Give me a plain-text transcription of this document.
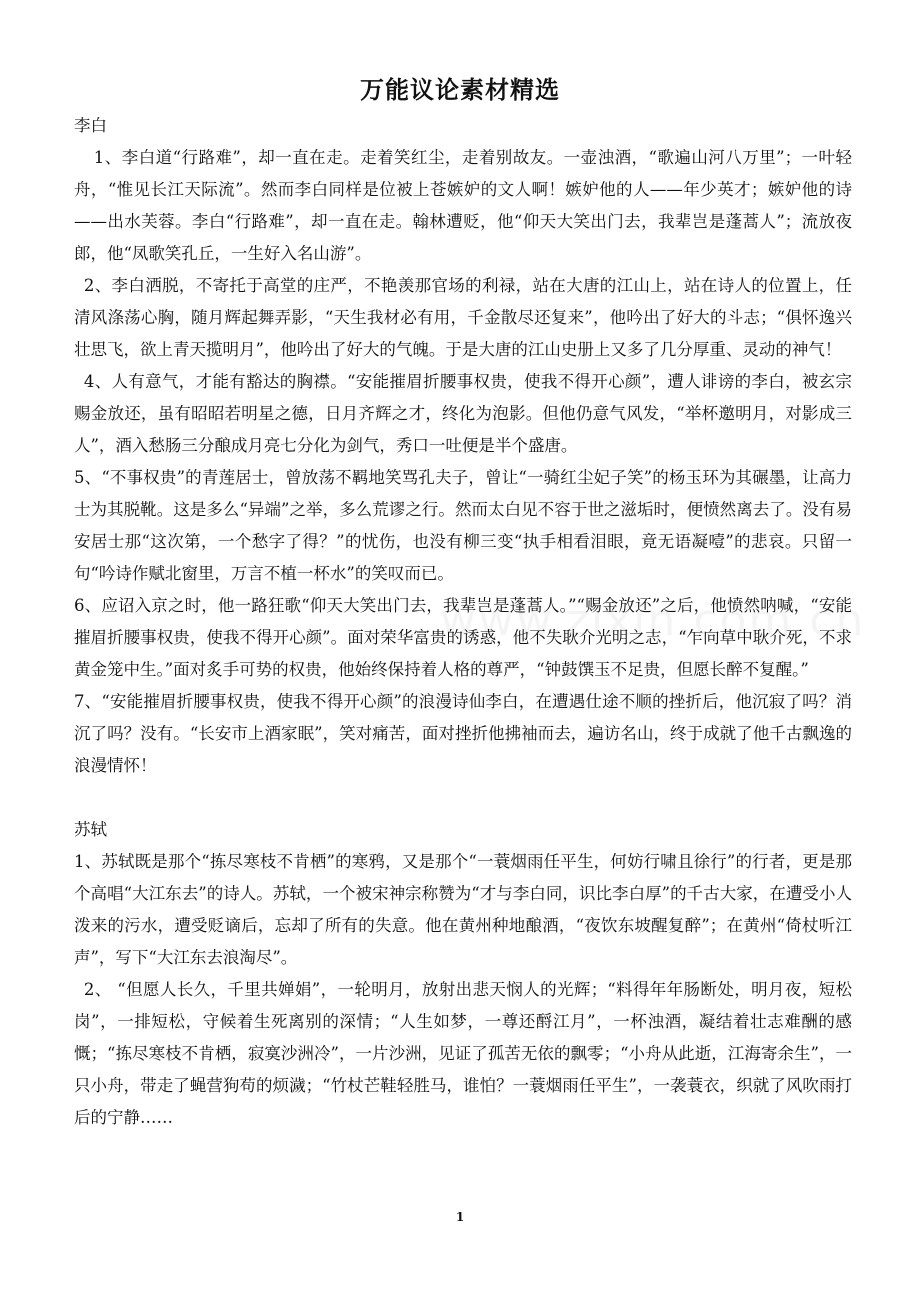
万能议论素材精选

李白

1、李白道“行路难”，却一直在走。走着笑红尘，走着别故友。一壶浊酒，“歌遍山河八万里”；一叶轻舟，“惟见长江天际流”。然而李白同样是位被上苍嫉妒的文人啊！嫉妒他的人——年少英才；嫉妒他的诗——出水芙蓉。李白“行路难”，却一直在走。翰林遭贬，他“仰天大笑出门去，我辈岂是蓬蒿人”；流放夜郎，他“凤歌笑孔丘，一生好入名山游”。

2、李白洒脱，不寄托于高堂的庄严，不艳羡那官场的利禄，站在大唐的江山上，站在诗人的位置上，任清风涤荡心胸，随月辉起舞弄影，“天生我材必有用，千金散尽还复来”，他吟出了好大的斗志；“俱怀逸兴壮思飞，欲上青天揽明月”，他吟出了好大的气魄。于是大唐的江山史册上又多了几分厚重、灵动的神气！

4、人有意气，才能有豁达的胸襟。“安能摧眉折腰事权贵，使我不得开心颜”，遭人诽谤的李白，被玄宗赐金放还，虽有昭昭若明星之德，日月齐辉之才，终化为泡影。但他仍意气风发，“举杯邀明月，对影成三人”，酒入愁肠三分酿成月亮七分化为剑气，秀口一吐便是半个盛唐。

5、“不事权贵”的青莲居士，曾放荡不羁地笑骂孔夫子，曾让“一骑红尘妃子笑”的杨玉环为其碾墨，让高力士为其脱靴。这是多么“异端”之举，多么荒谬之行。然而太白见不容于世之滋垢时，便愤然离去了。没有易安居士那“这次第，一个愁字了得？”的忧伤，也没有柳三变“执手相看泪眼，竟无语凝噎”的悲哀。只留一句“吟诗作赋北窗里，万言不植一杯水”的笑叹而已。

6、应诏入京之时，他一路狂歌“仰天大笑出门去，我辈岂是蓬蒿人。”“赐金放还”之后，他愤然呐喊，“安能摧眉折腰事权贵，使我不得开心颜”。面对荣华富贵的诱惑，他不失耿介光明之志，“乍向草中耿介死，不求黄金笼中生。”面对炙手可势的权贵，他始终保持着人格的尊严，“钟鼓馔玉不足贵，但愿长醉不复醒。”

7、“安能摧眉折腰事权贵，使我不得开心颜”的浪漫诗仙李白，在遭遇仕途不顺的挫折后，他沉寂了吗？消沉了吗？没有。“长安市上酒家眠”，笑对痛苦，面对挫折他拂袖而去，遍访名山，终于成就了他千古飘逸的浪漫情怀！

苏轼

1、苏轼既是那个“拣尽寒枝不肯栖”的寒鸦，又是那个“一蓑烟雨任平生，何妨行啸且徐行”的行者，更是那个高唱“大江东去”的诗人。苏轼，一个被宋神宗称赞为“才与李白同，识比李白厚”的千古大家，在遭受小人泼来的污水，遭受贬谪后，忘却了所有的失意。他在黄州种地酿酒，“夜饮东坡醒复醉”；在黄州“倚杖听江声”，写下“大江东去浪淘尽”。

2、 “但愿人长久，千里共婵娟”，一轮明月，放射出悲天悯人的光辉；“料得年年肠断处，明月夜，短松岗”，一排短松，守候着生死离别的深情；“人生如梦，一尊还酹江月”，一杯浊酒，凝结着壮志难酬的感慨；“拣尽寒枝不肯栖，寂寞沙洲冷”，一片沙洲，见证了孤苦无依的飘零；“小舟从此逝，江海寄余生”，一只小舟，带走了蝇营狗苟的烦濊；“竹杖芒鞋轻胜马，谁怕？一蓑烟雨任平生”，一袭蓑衣，织就了风吹雨打后的宁静……

1
